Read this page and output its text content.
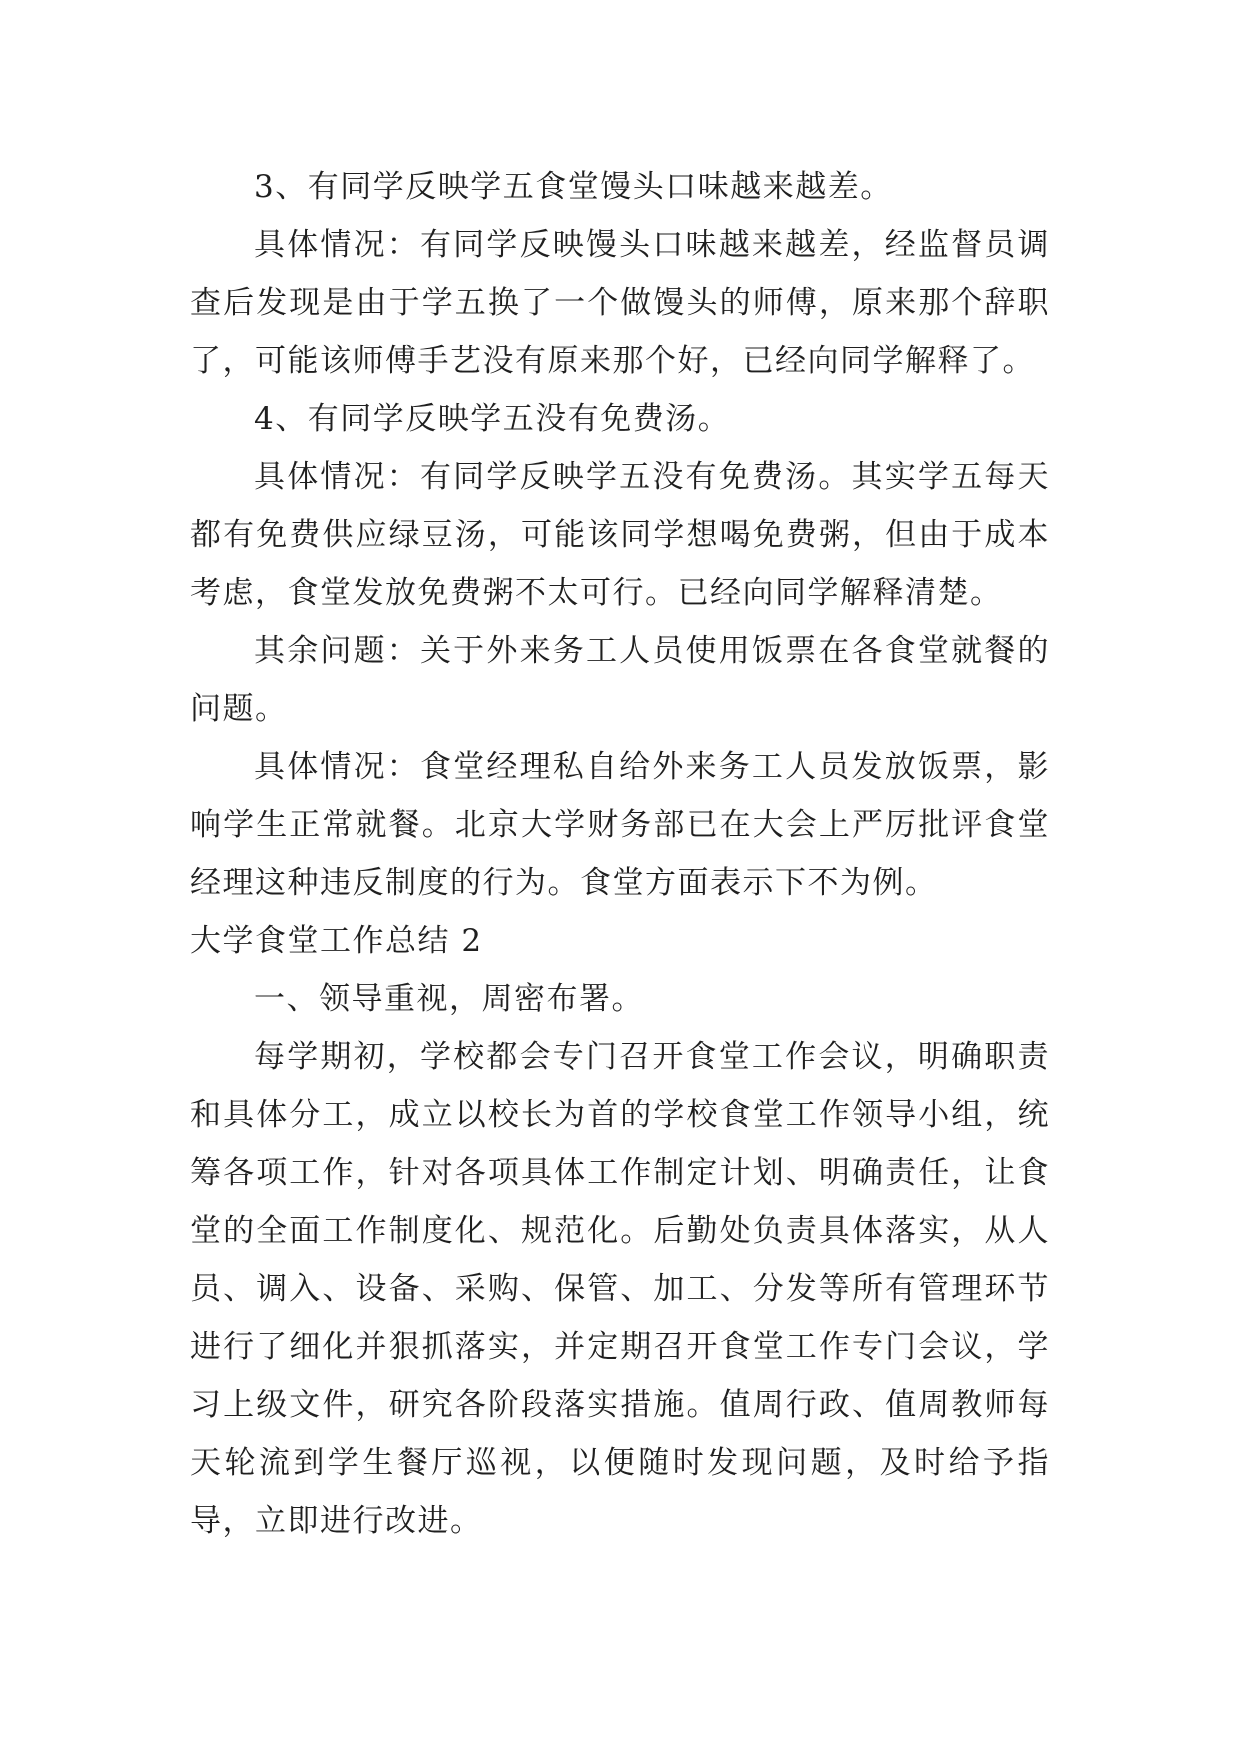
3、有同学反映学五食堂馒头口味越来越差。

具体情况：有同学反映馒头口味越来越差，经监督员调查后发现是由于学五换了一个做馒头的师傅，原来那个辞职了，可能该师傅手艺没有原来那个好，已经向同学解释了。

4、有同学反映学五没有免费汤。

具体情况：有同学反映学五没有免费汤。其实学五每天都有免费供应绿豆汤，可能该同学想喝免费粥，但由于成本考虑，食堂发放免费粥不太可行。已经向同学解释清楚。

其余问题：关于外来务工人员使用饭票在各食堂就餐的问题。

具体情况：食堂经理私自给外来务工人员发放饭票，影响学生正常就餐。北京大学财务部已在大会上严厉批评食堂经理这种违反制度的行为。食堂方面表示下不为例。

大学食堂工作总结 2

一、领导重视，周密布署。

每学期初，学校都会专门召开食堂工作会议，明确职责和具体分工，成立以校长为首的学校食堂工作领导小组，统筹各项工作，针对各项具体工作制定计划、明确责任，让食堂的全面工作制度化、规范化。后勤处负责具体落实，从人员、调入、设备、采购、保管、加工、分发等所有管理环节进行了细化并狠抓落实，并定期召开食堂工作专门会议，学习上级文件，研究各阶段落实措施。值周行政、值周教师每天轮流到学生餐厅巡视，以便随时发现问题，及时给予指导，立即进行改进。
